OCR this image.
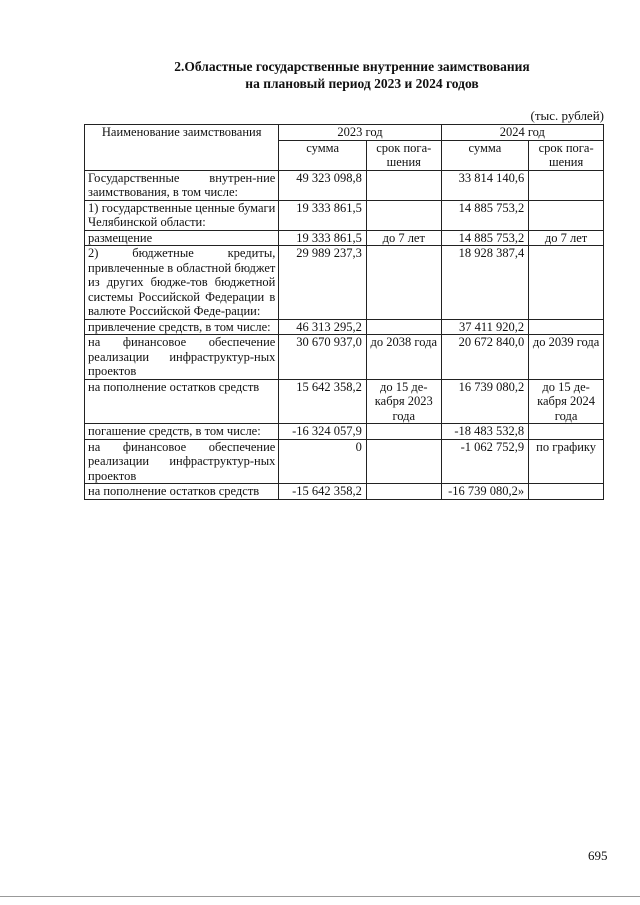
2.Областные государственные внутренние заимствования
на плановый период 2023 и 2024 годов
(тыс. рублей)
Наименование заимствования	2023 год		2024 год	
	сумма	срок пога-шения	сумма	срок пога-шения
Государственные внутрен-ние заимствования, в том числе:	49 323 098,8		33 814 140,6	
1) государственные ценные бумаги Челябинской области:	19 333 861,5		14 885 753,2	
размещение	19 333 861,5	до 7 лет	14 885 753,2	до 7 лет
2) бюджетные кредиты, привлеченные в областной бюджет из других бюдже-тов бюджетной системы Российской Федерации в валюте Российской Феде-рации:	29 989 237,3		18 928 387,4	
привлечение средств, в том числе:	46 313 295,2		37 411 920,2	
на финансовое обеспечение реализации инфраструктур-ных проектов	30 670 937,0	до 2038 года	20 672 840,0	до 2039 года
на пополнение остатков средств	15 642 358,2	до 15 де-кабря 2023 года	16 739 080,2	до 15 де-кабря 2024 года
погашение средств, в том числе:	-16 324 057,9		-18 483 532,8	
на финансовое обеспечение реализации инфраструктур-ных проектов	0		-1 062 752,9	по графику
на пополнение остатков средств	-15 642 358,2		-16 739 080,2»	
695
